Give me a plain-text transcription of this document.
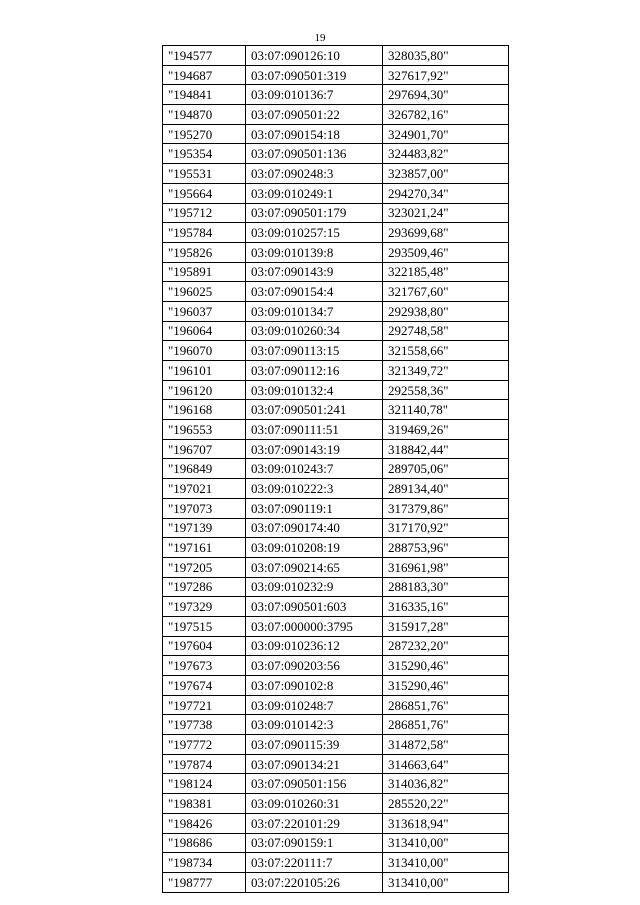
19
"194577	03:07:090126:10	328035,80"
"194687	03:07:090501:319	327617,92"
"194841	03:09:010136:7	297694,30"
"194870	03:07:090501:22	326782,16"
"195270	03:07:090154:18	324901,70"
"195354	03:07:090501:136	324483,82"
"195531	03:07:090248:3	323857,00"
"195664	03:09:010249:1	294270,34"
"195712	03:07:090501:179	323021,24"
"195784	03:09:010257:15	293699,68"
"195826	03:09:010139:8	293509,46"
"195891	03:07:090143:9	322185,48"
"196025	03:07:090154:4	321767,60"
"196037	03:09:010134:7	292938,80"
"196064	03:09:010260:34	292748,58"
"196070	03:07:090113:15	321558,66"
"196101	03:07:090112:16	321349,72"
"196120	03:09:010132:4	292558,36"
"196168	03:07:090501:241	321140,78"
"196553	03:07:090111:51	319469,26"
"196707	03:07:090143:19	318842,44"
"196849	03:09:010243:7	289705,06"
"197021	03:09:010222:3	289134,40"
"197073	03:07:090119:1	317379,86"
"197139	03:07:090174:40	317170,92"
"197161	03:09:010208:19	288753,96"
"197205	03:07:090214:65	316961,98"
"197286	03:09:010232:9	288183,30"
"197329	03:07:090501:603	316335,16"
"197515	03:07:000000:3795	315917,28"
"197604	03:09:010236:12	287232,20"
"197673	03:07:090203:56	315290,46"
"197674	03:07:090102:8	315290,46"
"197721	03:09:010248:7	286851,76"
"197738	03:09:010142:3	286851,76"
"197772	03:07:090115:39	314872,58"
"197874	03:07:090134:21	314663,64"
"198124	03:07:090501:156	314036,82"
"198381	03:09:010260:31	285520,22"
"198426	03:07:220101:29	313618,94"
"198686	03:07:090159:1	313410,00"
"198734	03:07:220111:7	313410,00"
"198777	03:07:220105:26	313410,00"
